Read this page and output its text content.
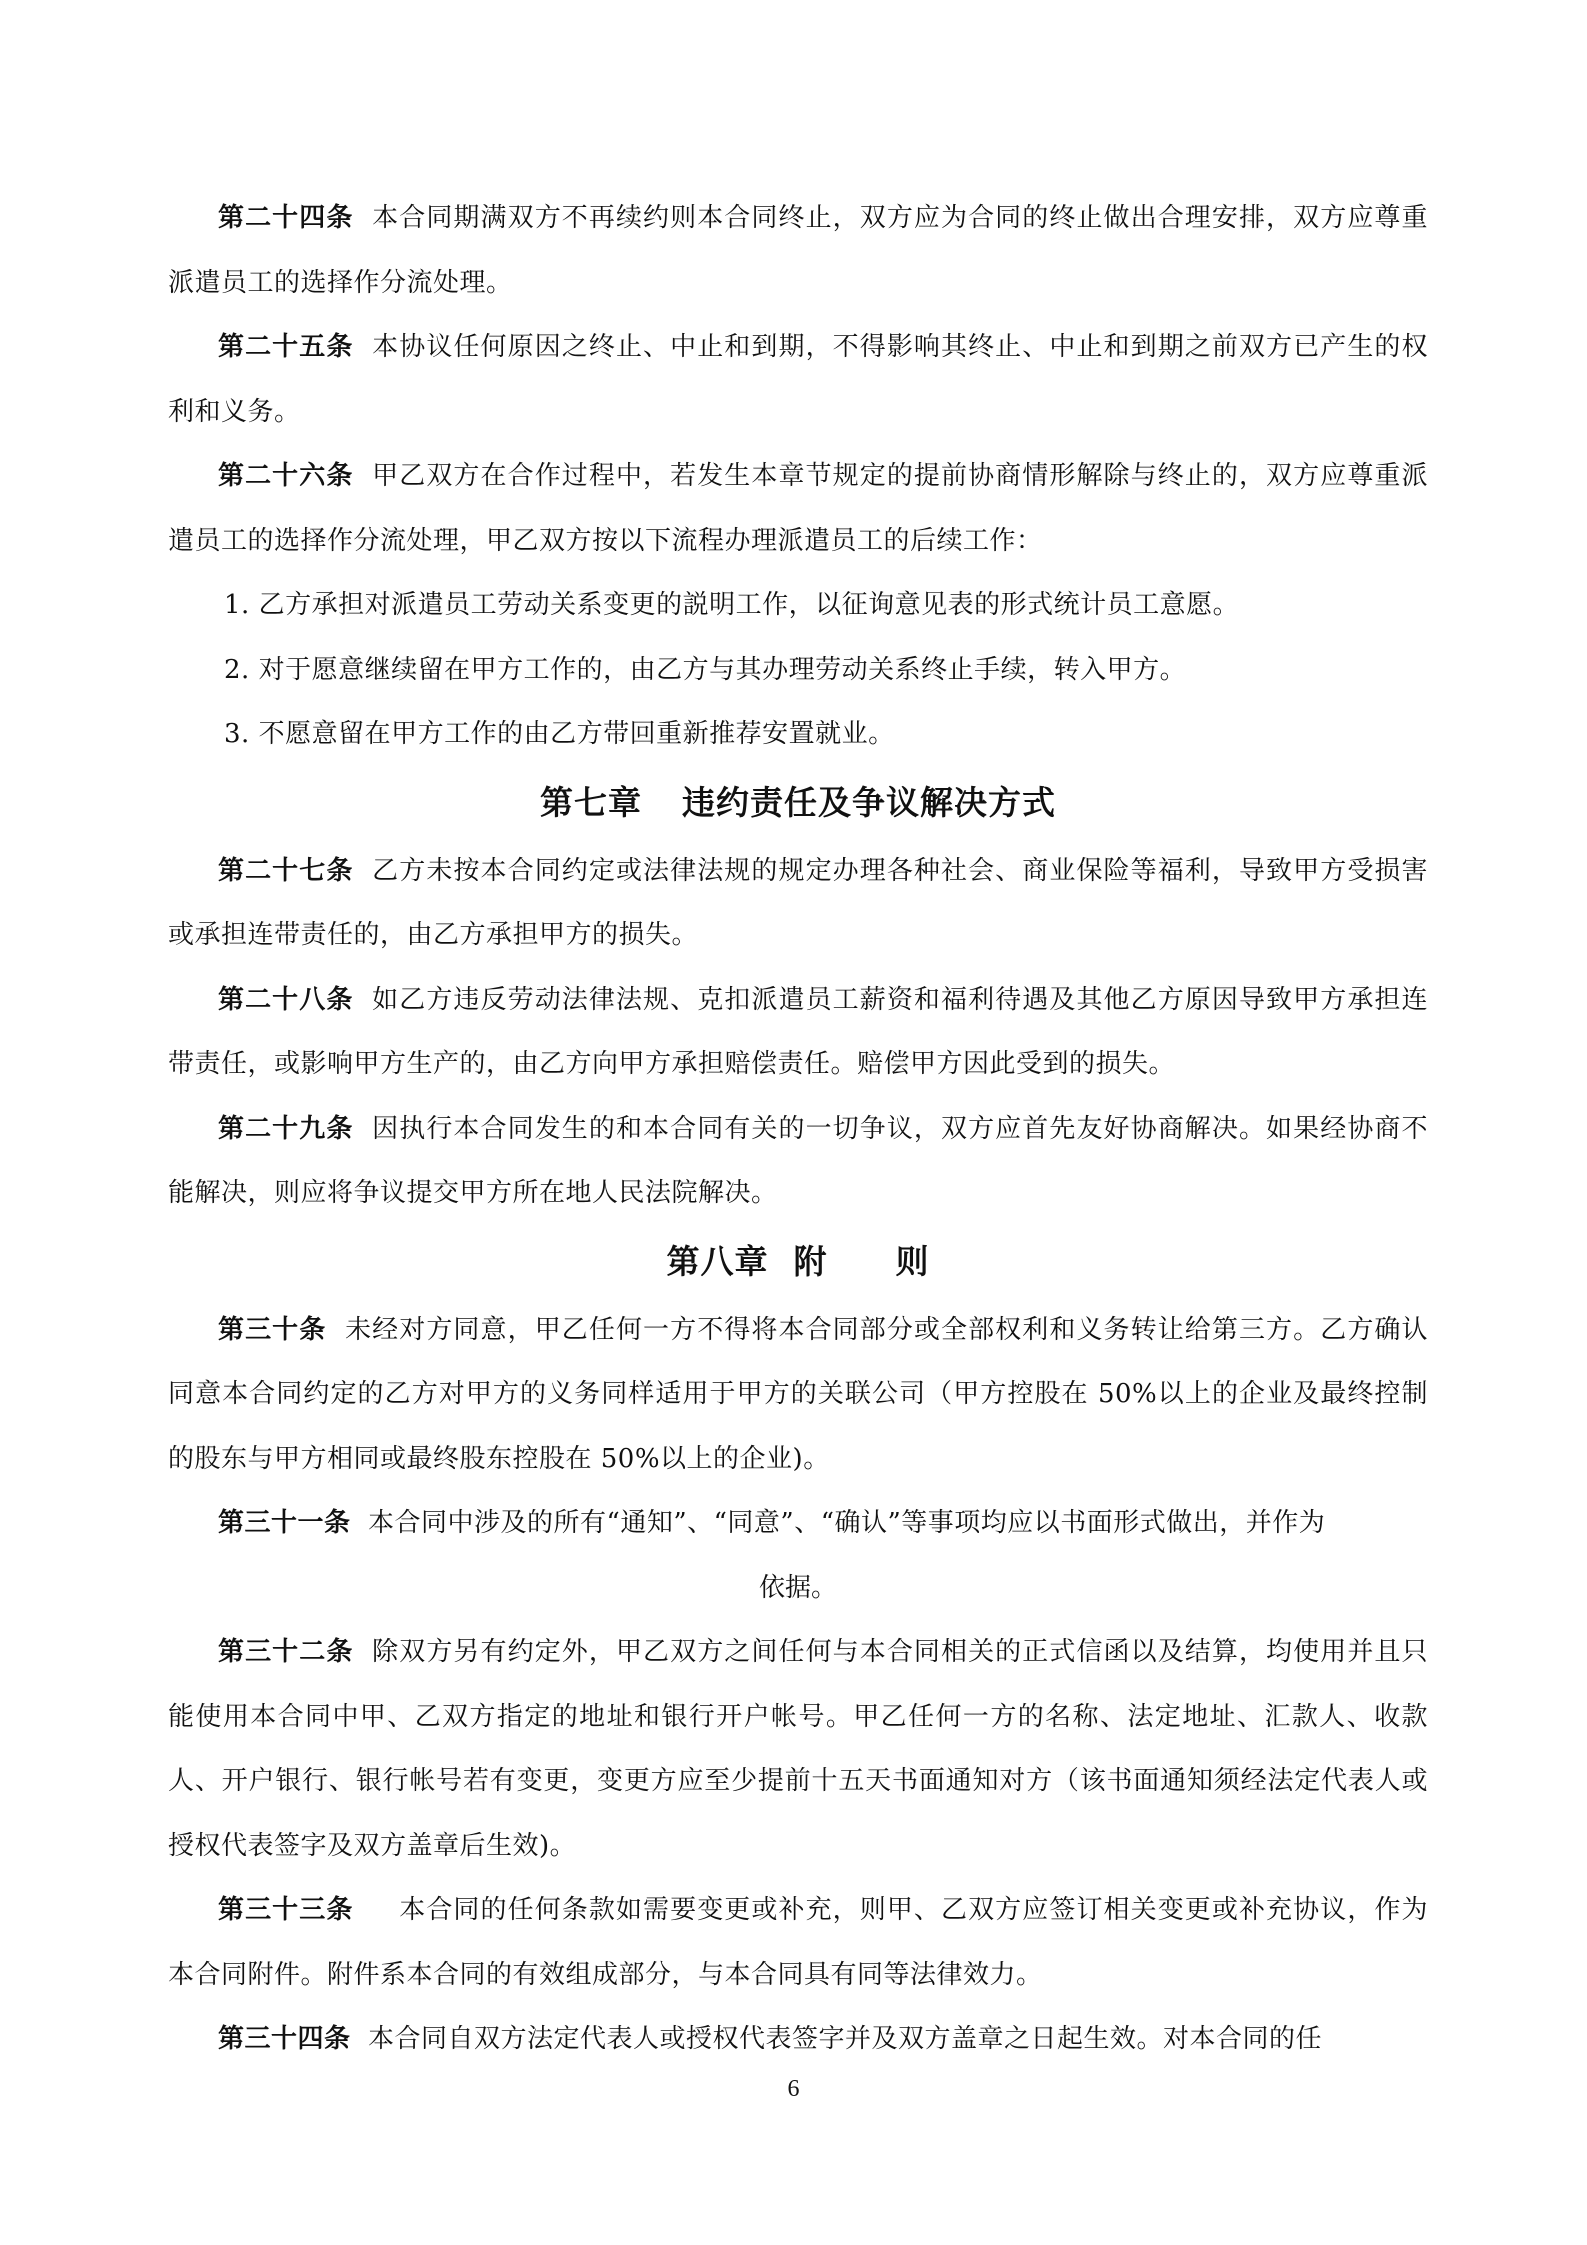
第二十四条 本合同期满双方不再续约则本合同终止，双方应为合同的终止做出合理安排，双方应尊重派遣员工的选择作分流处理。

第二十五条 本协议任何原因之终止、中止和到期，不得影响其终止、中止和到期之前双方已产生的权利和义务。

第二十六条 甲乙双方在合作过程中，若发生本章节规定的提前协商情形解除与终止的，双方应尊重派遣员工的选择作分流处理，甲乙双方按以下流程办理派遣员工的后续工作：

1. 乙方承担对派遣员工劳动关系变更的説明工作，以征询意见表的形式统计员工意愿。

2. 对于愿意继续留在甲方工作的，由乙方与其办理劳动关系终止手续，转入甲方。

3. 不愿意留在甲方工作的由乙方带回重新推荐安置就业。

第七章 违约责任及争议解决方式

第二十七条 乙方未按本合同约定或法律法规的规定办理各种社会、商业保险等福利，导致甲方受损害或承担连带责任的，由乙方承担甲方的损失。

第二十八条 如乙方违反劳动法律法规、克扣派遣员工薪资和福利待遇及其他乙方原因导致甲方承担连带责任，或影响甲方生产的，由乙方向甲方承担赔偿责任。赔偿甲方因此受到的损失。

第二十九条 因执行本合同发生的和本合同有关的一切争议，双方应首先友好协商解决。如果经协商不能解决，则应将争议提交甲方所在地人民法院解决。

第八章 附　　则

第三十条 未经对方同意，甲乙任何一方不得将本合同部分或全部权利和义务转让给第三方。乙方确认同意本合同约定的乙方对甲方的义务同样适用于甲方的关联公司（甲方控股在 50%以上的企业及最终控制的股东与甲方相同或最终股东控股在 50%以上的企业)。

第三十一条 本合同中涉及的所有“通知”、“同意”、“确认”等事项均应以书面形式做出，并作为

依据。

第三十二条 除双方另有约定外，甲乙双方之间任何与本合同相关的正式信函以及结算，均使用并且只能使用本合同中甲、乙双方指定的地址和银行开户帐号。甲乙任何一方的名称、法定地址、汇款人、收款人、开户银行、银行帐号若有变更，变更方应至少提前十五天书面通知对方（该书面通知须经法定代表人或授权代表签字及双方盖章后生效)。

第三十三条  　本合同的任何条款如需要变更或补充，则甲、乙双方应签订相关变更或补充协议，作为本合同附件。附件系本合同的有效组成部分，与本合同具有同等法律效力。

第三十四条 本合同自双方法定代表人或授权代表签字并及双方盖章之日起生效。对本合同的任

6
